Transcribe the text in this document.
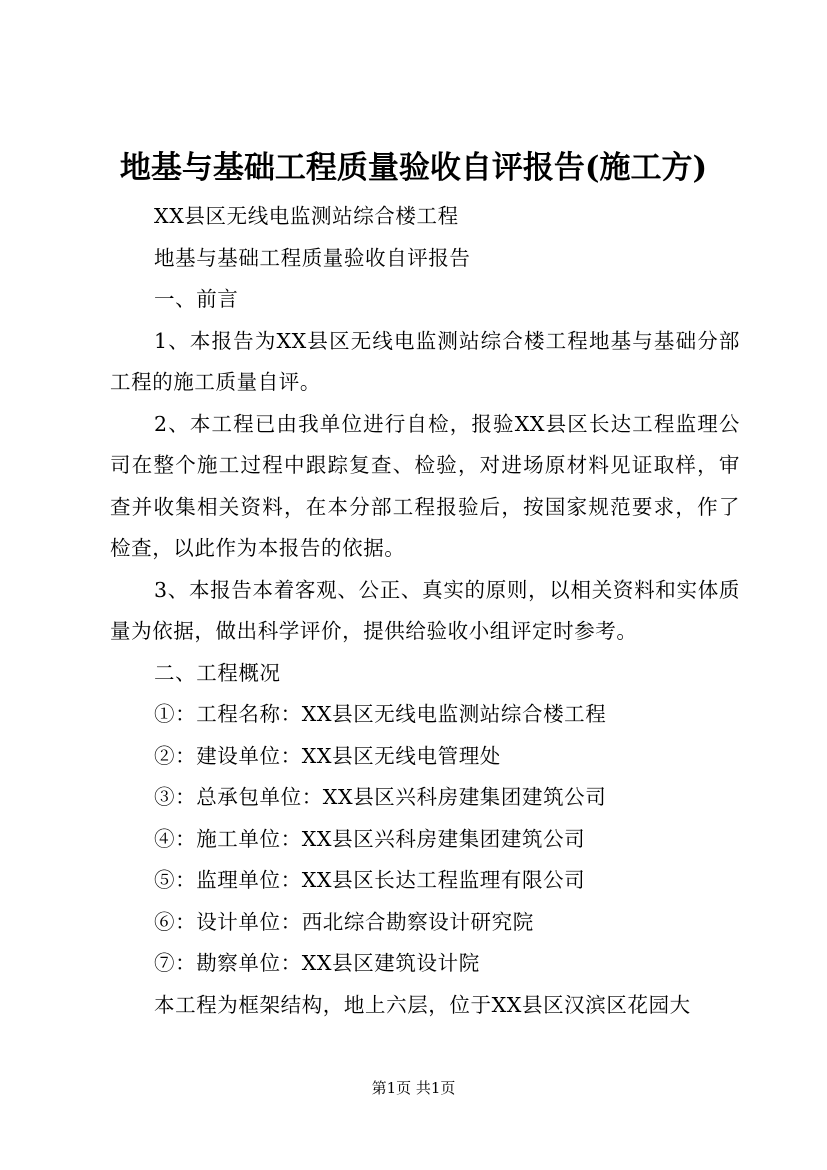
地基与基础工程质量验收自评报告(施工方)
XX县区无线电监测站综合楼工程
地基与基础工程质量验收自评报告
一、前言
1、本报告为XX县区无线电监测站综合楼工程地基与基础分部工程的施工质量自评。
2、本工程已由我单位进行自检，报验XX县区长达工程监理公司在整个施工过程中跟踪复查、检验，对进场原材料见证取样，审查并收集相关资料，在本分部工程报验后，按国家规范要求，作了检查，以此作为本报告的依据。
3、本报告本着客观、公正、真实的原则，以相关资料和实体质量为依据，做出科学评价，提供给验收小组评定时参考。
二、工程概况
①：工程名称：XX县区无线电监测站综合楼工程
②：建设单位：XX县区无线电管理处
③：总承包单位：XX县区兴科房建集团建筑公司
④：施工单位：XX县区兴科房建集团建筑公司
⑤：监理单位：XX县区长达工程监理有限公司
⑥：设计单位：西北综合勘察设计研究院
⑦：勘察单位：XX县区建筑设计院
本工程为框架结构，地上六层，位于XX县区汉滨区花园大
第1页 共1页
